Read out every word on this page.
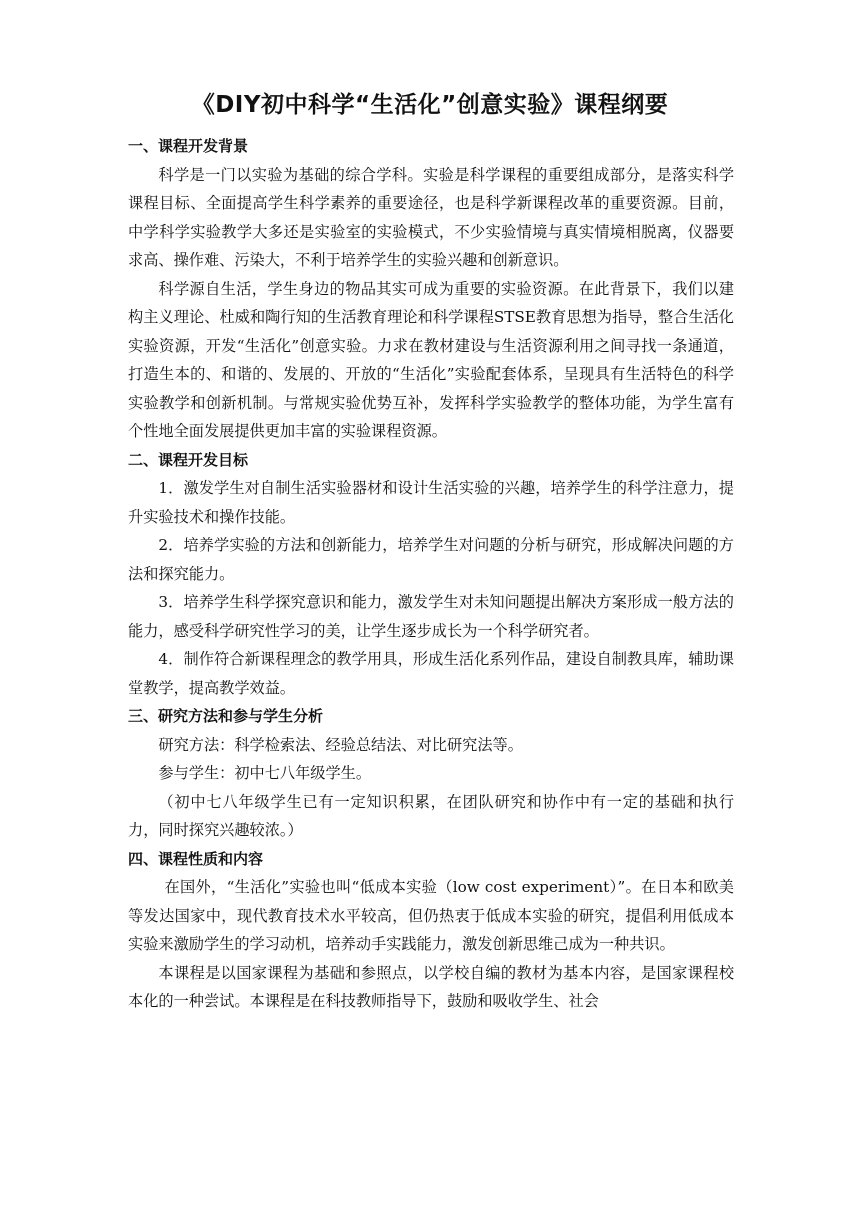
《DIY初中科学“生活化”创意实验》课程纲要

一、课程开发背景

科学是一门以实验为基础的综合学科。实验是科学课程的重要组成部分，是落实科学课程目标、全面提高学生科学素养的重要途径，也是科学新课程改革的重要资源。目前，中学科学实验教学大多还是实验室的实验模式，不少实验情境与真实情境相脱离，仪器要求高、操作难、污染大，不利于培养学生的实验兴趣和创新意识。

科学源自生活，学生身边的物品其实可成为重要的实验资源。在此背景下，我们以建构主义理论、杜威和陶行知的生活教育理论和科学课程STSE教育思想为指导，整合生活化实验资源，开发“生活化”创意实验。力求在教材建设与生活资源利用之间寻找一条通道，打造生本的、和谐的、发展的、开放的“生活化”实验配套体系，呈现具有生活特色的科学实验教学和创新机制。与常规实验优势互补，发挥科学实验教学的整体功能，为学生富有个性地全面发展提供更加丰富的实验课程资源。

二、课程开发目标

1．激发学生对自制生活实验器材和设计生活实验的兴趣，培养学生的科学注意力，提升实验技术和操作技能。

2．培养学实验的方法和创新能力，培养学生对问题的分析与研究，形成解决问题的方法和探究能力。

3．培养学生科学探究意识和能力，激发学生对未知问题提出解决方案形成一般方法的能力，感受科学研究性学习的美，让学生逐步成长为一个科学研究者。

4．制作符合新课程理念的教学用具，形成生活化系列作品，建设自制教具库，辅助课堂教学，提高教学效益。

三、研究方法和参与学生分析

研究方法：科学检索法、经验总结法、对比研究法等。

参与学生：初中七八年级学生。

（初中七八年级学生已有一定知识积累，在团队研究和协作中有一定的基础和执行力，同时探究兴趣较浓。）

四、课程性质和内容

在国外，“生活化”实验也叫“低成本实验（low cost experiment）”。在日本和欧美等发达国家中，现代教育技术水平较高，但仍热衷于低成本实验的研究，提倡利用低成本实验来激励学生的学习动机，培养动手实践能力，激发创新思维己成为一种共识。

本课程是以国家课程为基础和参照点，以学校自编的教材为基本内容，是国家课程校本化的一种尝试。本课程是在科技教师指导下，鼓励和吸收学生、社会
